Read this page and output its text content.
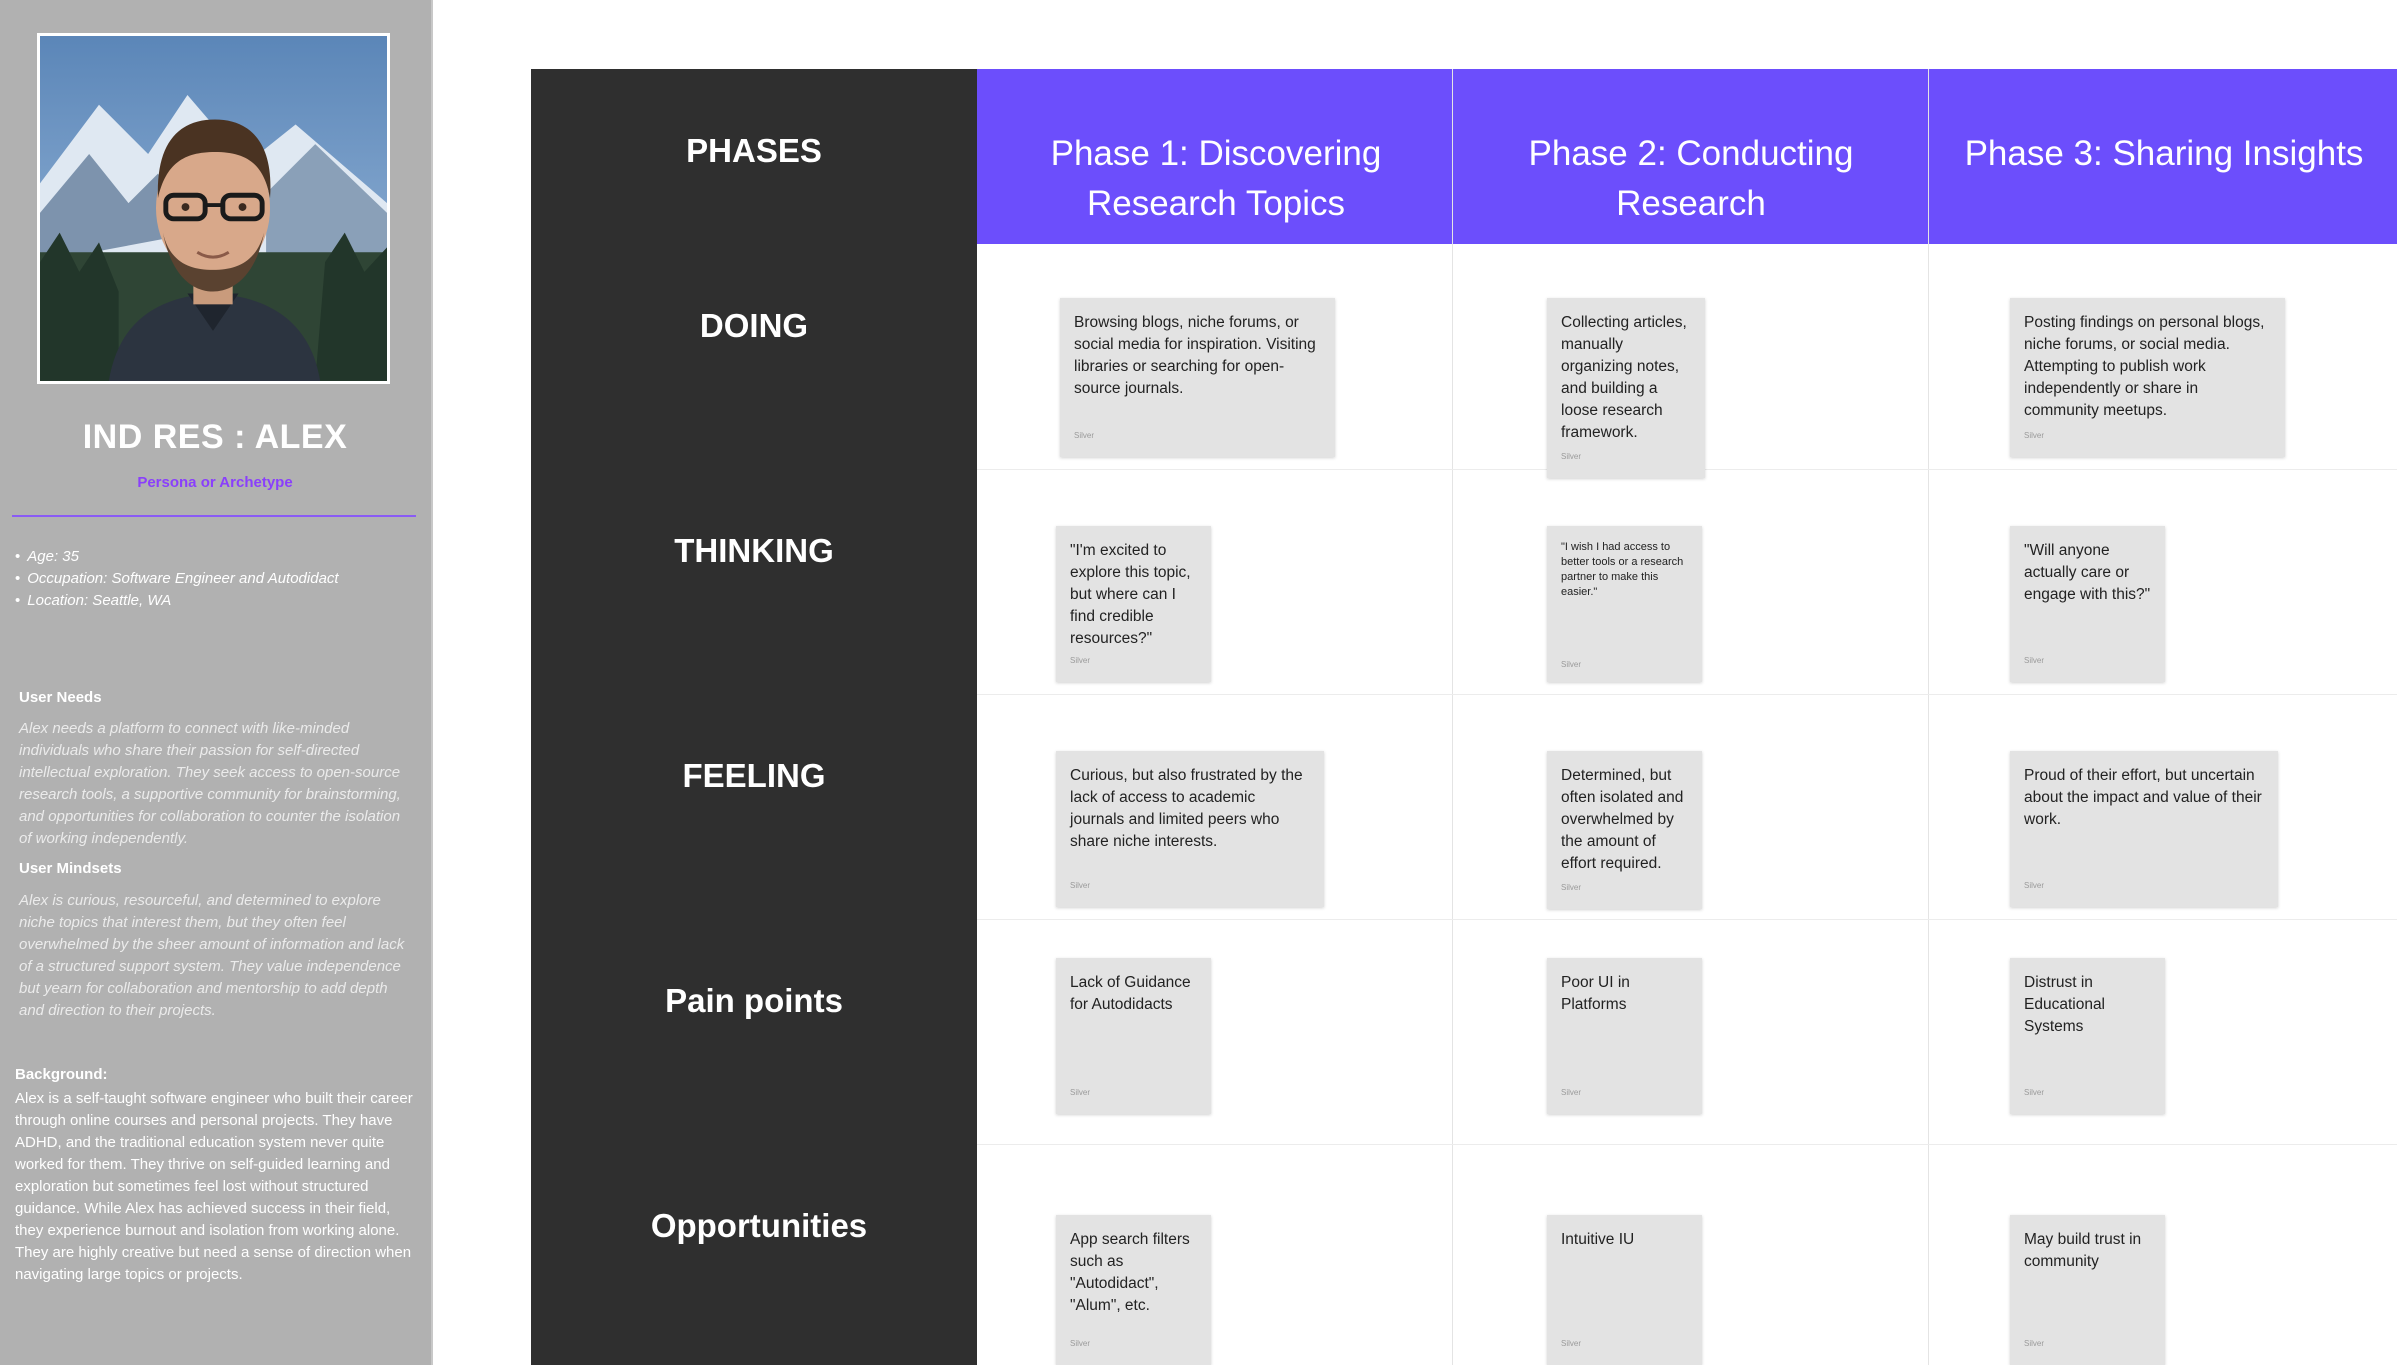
IND RES : ALEX
Persona or Archetype
• Age: 35
• Occupation: Software Engineer and Autodidact
• Location: Seattle, WA
User Needs
Alex needs a platform to connect with like-minded individuals who share their passion for self-directed intellectual exploration. They seek access to open-source research tools, a supportive community for brainstorming, and opportunities for collaboration to counter the isolation of working independently.
User Mindsets
Alex is curious, resourceful, and determined to explore niche topics that interest them, but they often feel overwhelmed by the sheer amount of information and lack of a structured support system. They value independence but yearn for collaboration and mentorship to add depth and direction to their projects.
Background:
Alex is a self-taught software engineer who built their career through online courses and personal projects. They have ADHD, and the traditional education system never quite worked for them. They thrive on self-guided learning and exploration but sometimes feel lost without structured guidance. While Alex has achieved success in their field, they experience burnout and isolation from working alone. They are highly creative but need a sense of direction when navigating large topics or projects.
PHASES
DOING
THINKING
FEELING
Pain points
Opportunities
Phase 1: Discovering Research Topics
Phase 2: Conducting Research
Phase 3: Sharing Insights
Browsing blogs, niche forums, or social media for inspiration. Visiting libraries or searching for open-source journals.
Silver
Collecting articles, manually organizing notes, and building a loose research framework.
Silver
Posting findings on personal blogs, niche forums, or social media. Attempting to publish work independently or share in community meetups.
Silver
"I'm excited to explore this topic, but where can I find credible resources?"
Silver
"I wish I had access to better tools or a research partner to make this easier."
Silver
"Will anyone actually care or engage with this?"
Silver
Curious, but also frustrated by the lack of access to academic journals and limited peers who share niche interests.
Silver
Determined, but often isolated and overwhelmed by the amount of effort required.
Silver
Proud of their effort, but uncertain about the impact and value of their work.
Silver
Lack of Guidance for Autodidacts
Silver
Poor UI in Platforms
Silver
Distrust in Educational Systems
Silver
App search filters such as "Autodidact", "Alum", etc.
Silver
Intuitive IU
Silver
May build trust in community
Silver
